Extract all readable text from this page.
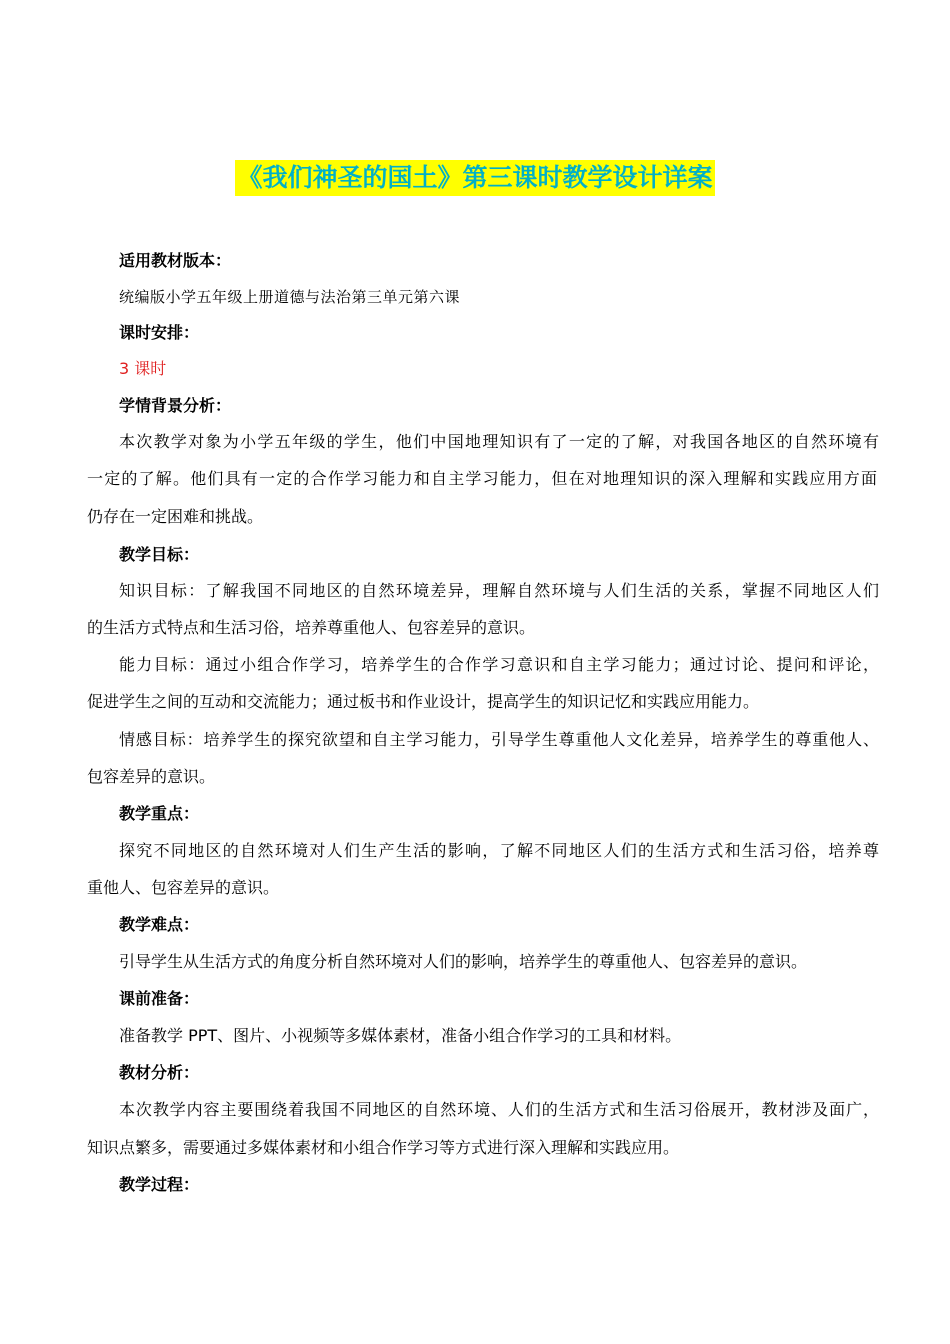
《我们神圣的国土》第三课时教学设计详案
适用教材版本：
统编版小学五年级上册道德与法治第三单元第六课
课时安排：
3 课时
学情背景分析：
本次教学对象为小学五年级的学生，他们中国地理知识有了一定的了解，对我国各地区的自然环境有
一定的了解。他们具有一定的合作学习能力和自主学习能力，但在对地理知识的深入理解和实践应用方面
仍存在一定困难和挑战。
教学目标：
知识目标：了解我国不同地区的自然环境差异，理解自然环境与人们生活的关系，掌握不同地区人们
的生活方式特点和生活习俗，培养尊重他人、包容差异的意识。
能力目标：通过小组合作学习，培养学生的合作学习意识和自主学习能力；通过讨论、提问和评论，
促进学生之间的互动和交流能力；通过板书和作业设计，提高学生的知识记忆和实践应用能力。
情感目标：培养学生的探究欲望和自主学习能力，引导学生尊重他人文化差异，培养学生的尊重他人、
包容差异的意识。
教学重点：
探究不同地区的自然环境对人们生产生活的影响，了解不同地区人们的生活方式和生活习俗，培养尊
重他人、包容差异的意识。
教学难点：
引导学生从生活方式的角度分析自然环境对人们的影响，培养学生的尊重他人、包容差异的意识。
课前准备：
准备教学 PPT、图片、小视频等多媒体素材，准备小组合作学习的工具和材料。
教材分析：
本次教学内容主要围绕着我国不同地区的自然环境、人们的生活方式和生活习俗展开，教材涉及面广，
知识点繁多，需要通过多媒体素材和小组合作学习等方式进行深入理解和实践应用。
教学过程：
